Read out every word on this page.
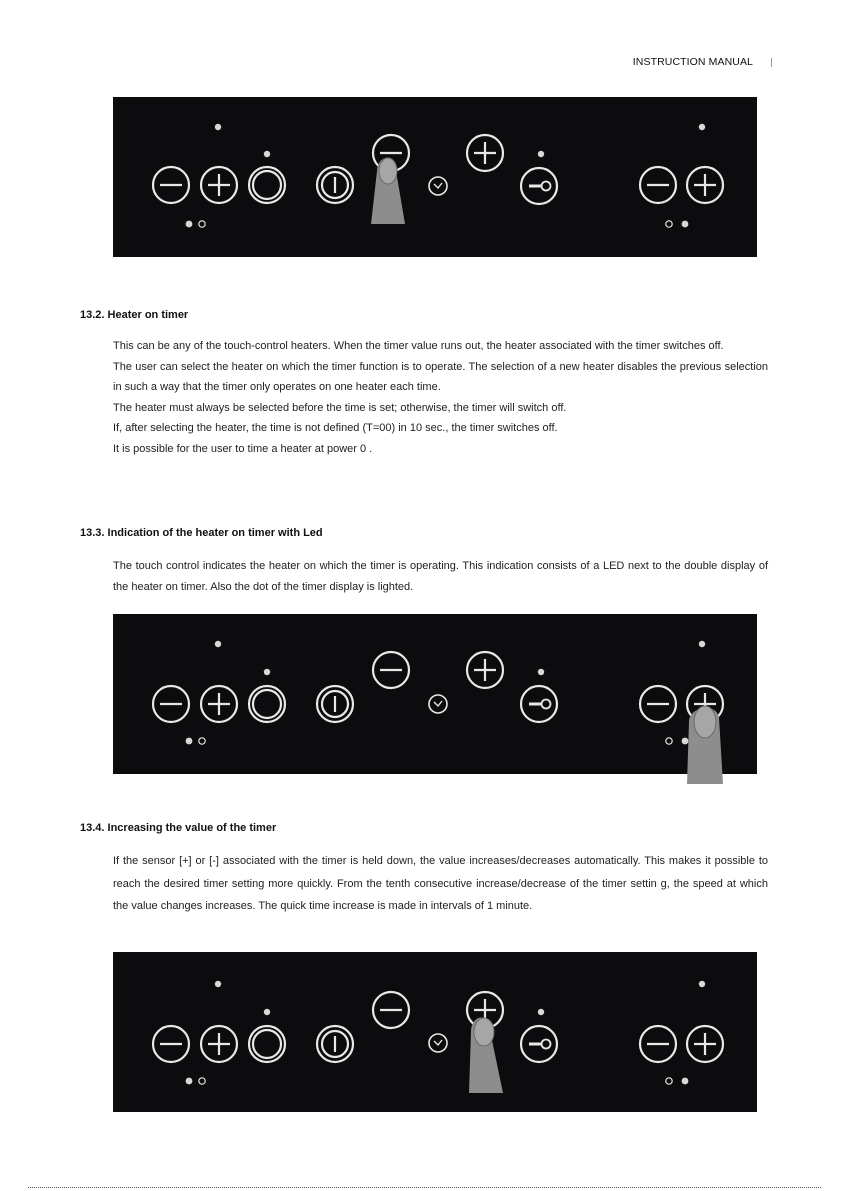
INSTRUCTION MANUAL
13.2. Heater on timer

This can be any of the touch-control heaters. When the timer value runs out, the heater associated with the timer switches off.

The user can select the heater on which the timer function is to operate. The selection of a new heater disables the previous selection in such a way that the timer only operates on one heater each time.

The heater must always be selected before the time is set; otherwise, the timer will switch off.

If, after selecting the heater, the time is not defined (T=00) in 10 sec., the timer switches off.

It is possible for the user to time a heater at power 0 .

13.3. Indication of the heater on timer with Led

The touch control indicates the heater on which the timer is operating. This indication consists of a LED next to the double display of the heater on timer. Also the dot of the timer display is lighted.

13.4. Increasing the value of the timer

If the sensor [+] or [-] associated with the timer is held down, the value increases/decreases automatically. This makes it possible to reach the desired timer setting more quickly. From the tenth consecutive increase/decrease of the timer settin g, the speed at which the value changes increases. The quick time increase is made in intervals of 1 minute.
